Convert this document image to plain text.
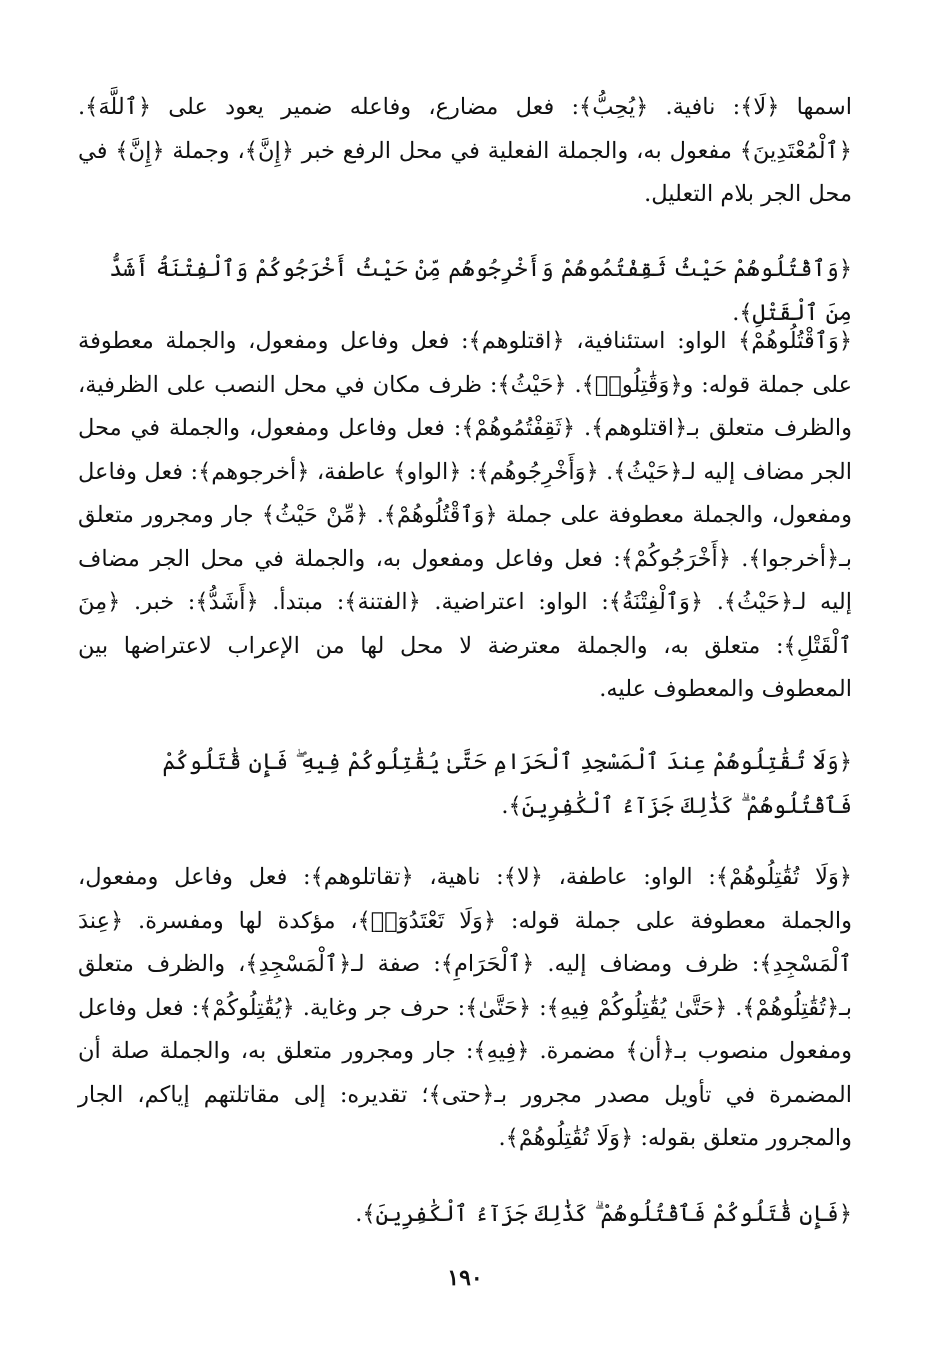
اسمها ﴿لَا﴾: نافية. ﴿يُحِبُّ﴾: فعل مضارع، وفاعله ضمير يعود على ﴿ٱللَّهَ﴾. ﴿ٱلْمُعْتَدِينَ﴾ مفعول به، والجملة الفعلية في محل الرفع خبر ﴿إِنَّ﴾، وجملة ﴿إِنَّ﴾ في محل الجر بلام التعليل.

﴿وَٱقْتُلُوهُمْ حَيْثُ ثَقِفْتُمُوهُمْ وَأَخْرِجُوهُم مِّنْ حَيْثُ أَخْرَجُوكُمْ وَٱلْفِتْنَةُ أَشَدُّ مِنَ ٱلْقَتْلِ﴾.

﴿وَٱقْتُلُوهُمْ﴾ الواو: استئنافية، ﴿اقتلوهم﴾: فعل وفاعل ومفعول، والجملة معطوفة على جملة قوله: و﴿وَقَٰتِلُوا۟﴾. ﴿حَيْثُ﴾: ظرف مكان في محل النصب على الظرفية، والظرف متعلق بـ﴿اقتلوهم﴾. ﴿ثَقِفْتُمُوهُمْ﴾: فعل وفاعل ومفعول، والجملة في محل الجر مضاف إليه لـ﴿حَيْثُ﴾. ﴿وَأَخْرِجُوهُم﴾: ﴿الواو﴾ عاطفة، ﴿أخرجوهم﴾: فعل وفاعل ومفعول، والجملة معطوفة على جملة ﴿وَٱقْتُلُوهُمْ﴾. ﴿مِّنْ حَيْثُ﴾ جار ومجرور متعلق بـ﴿أخرجوا﴾. ﴿أَخْرَجُوكُمْ﴾: فعل وفاعل ومفعول به، والجملة في محل الجر مضاف إليه لـ﴿حَيْثُ﴾. ﴿وَٱلْفِتْنَةُ﴾: الواو: اعتراضية. ﴿الفتنة﴾: مبتدأ. ﴿أَشَدُّ﴾: خبر. ﴿مِنَ ٱلْقَتْلِ﴾: متعلق به، والجملة معترضة لا محل لها من الإعراب لاعتراضها بين المعطوف والمعطوف عليه.

﴿وَلَا تُقَٰتِلُوهُمْ عِندَ ٱلْمَسْجِدِ ٱلْحَرَامِ حَتَّىٰ يُقَٰتِلُوكُمْ فِيهِ ۖ فَإِن قَٰتَلُوكُمْ فَٱقْتُلُوهُمْ ۗ كَذَٰلِكَ جَزَآءُ ٱلْكَٰفِرِينَ﴾.

﴿وَلَا تُقَٰتِلُوهُمْ﴾: الواو: عاطفة، ﴿لا﴾: ناهية، ﴿تقاتلوهم﴾: فعل وفاعل ومفعول، والجملة معطوفة على جملة قوله: ﴿وَلَا تَعْتَدُوٓا۟﴾، مؤكدة لها ومفسرة. ﴿عِندَ ٱلْمَسْجِدِ﴾: ظرف ومضاف إليه. ﴿ٱلْحَرَامِ﴾: صفة لـ﴿ٱلْمَسْجِدِ﴾، والظرف متعلق بـ﴿تُقَٰتِلُوهُمْ﴾. ﴿حَتَّىٰ يُقَٰتِلُوكُمْ فِيهِ﴾: ﴿حَتَّىٰ﴾: حرف جر وغاية. ﴿يُقَٰتِلُوكُمْ﴾: فعل وفاعل ومفعول منصوب بـ﴿أن﴾ مضمرة. ﴿فِيهِ﴾: جار ومجرور متعلق به، والجملة صلة أن المضمرة في تأويل مصدر مجرور بـ﴿حتى﴾؛ تقديره: إلى مقاتلتهم إياكم، الجار والمجرور متعلق بقوله: ﴿وَلَا تُقَٰتِلُوهُمْ﴾.

﴿فَإِن قَٰتَلُوكُمْ فَٱقْتُلُوهُمْ ۗ كَذَٰلِكَ جَزَآءُ ٱلْكَٰفِرِينَ﴾.

١٩٠
